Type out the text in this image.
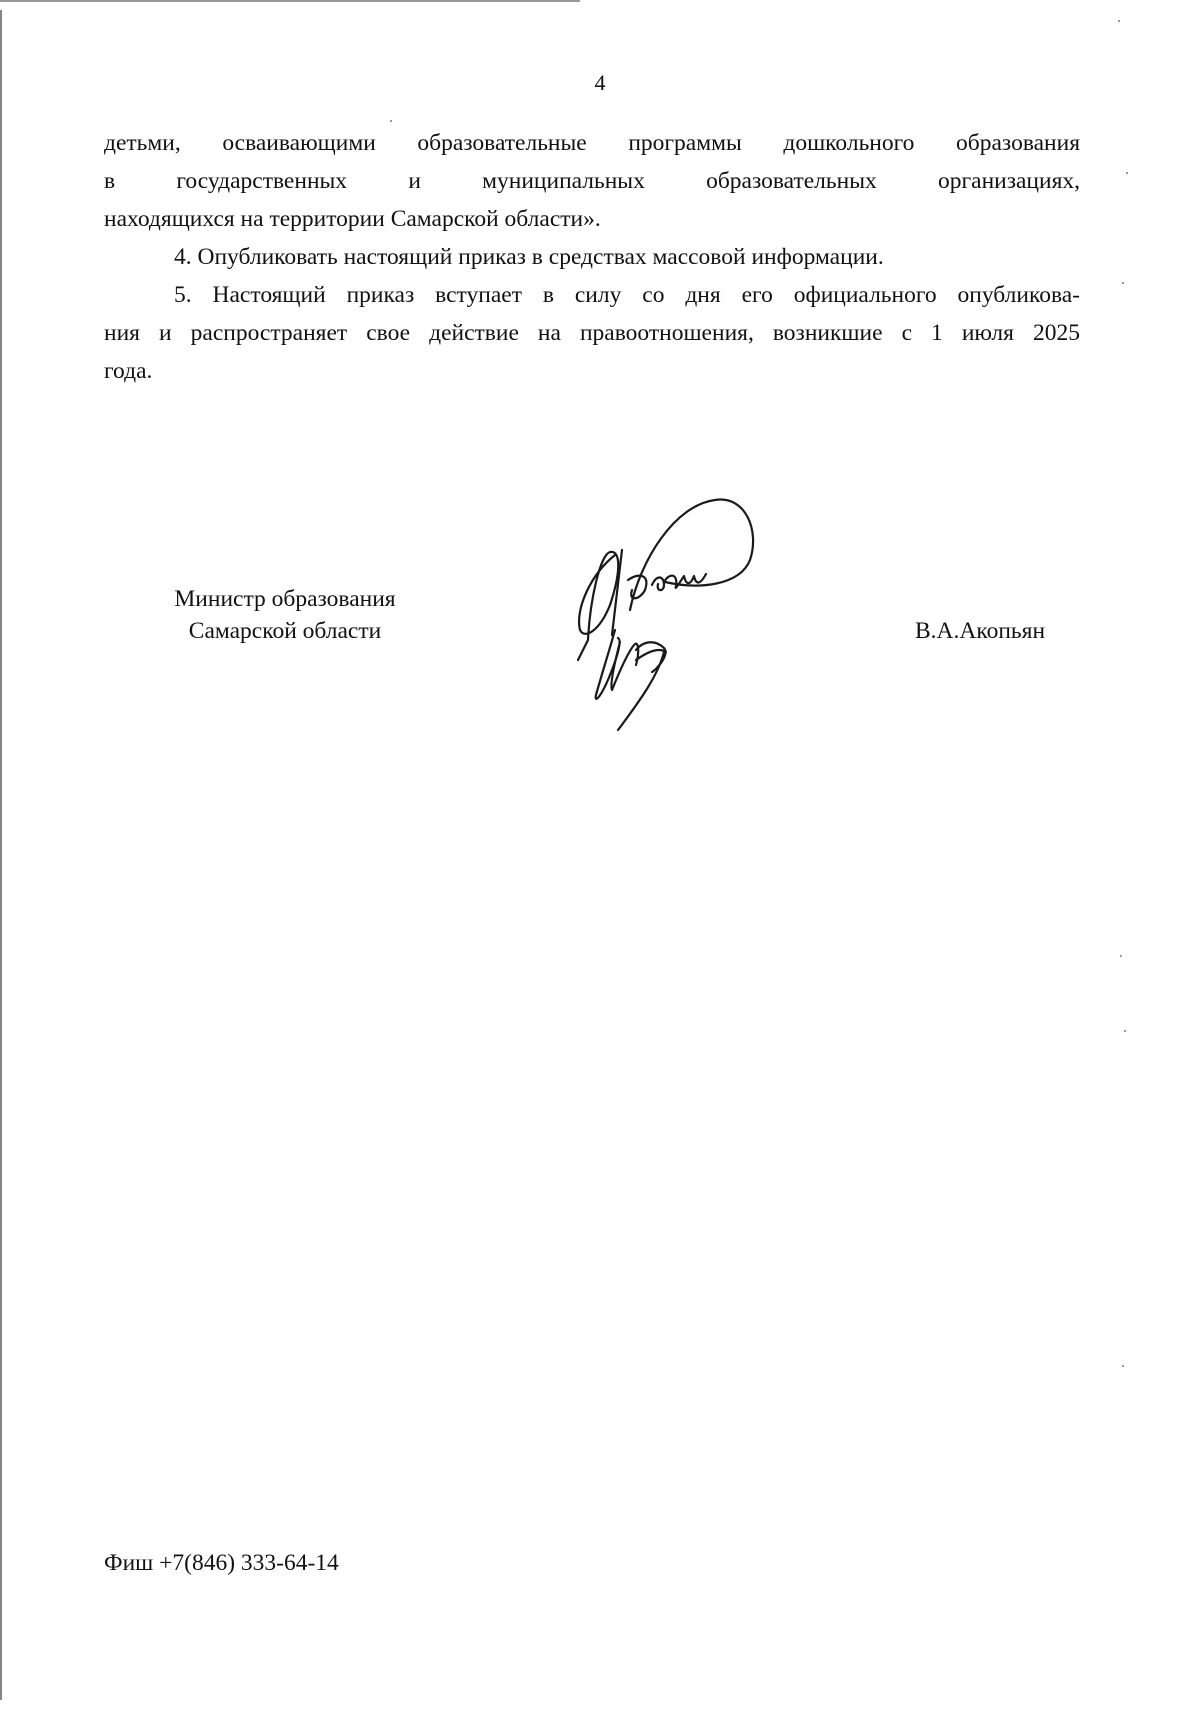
4

детьми, осваивающими образовательные программы дошкольного образования
в	государственных	и	муниципальных	образовательных	организациях,
находящихся на территории Самарской области».

4. Опубликовать настоящий приказ в средствах массовой информации.

5. Настоящий приказ вступает в силу со дня его официального опубликова-
ния и распространяет свое действие на правоотношения, возникшие с 1 июля 2025
года.

Министр образования
Самарской области	В.А.Акопьян
Фиш +7(846) 333-64-14
